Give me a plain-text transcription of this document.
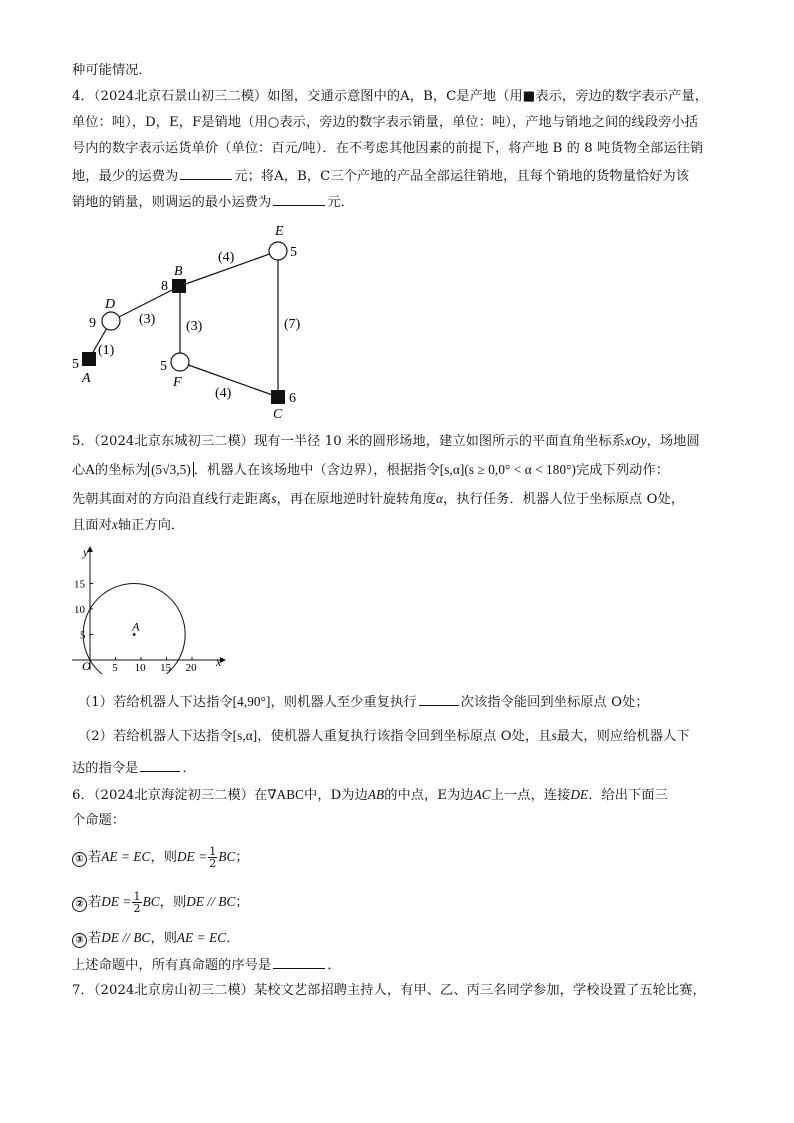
种可能情况．
4．（2024北京石景山初三二模）如图，交通示意图中的A，B，C是产地（用■表示，旁边的数字表示产量，
单位：吨），D，E，F是销地（用○表示，旁边的数字表示销量，单位：吨），产地与销地之间的线段旁小括
号内的数字表示运货单价（单位：百元/吨）．在不考虑其他因素的前提下，将产地 B 的 8 吨货物全部运往销
地，最少的运费为	元；将A，B，C三个产地的产品全部运往销地，且每个销地的货物量恰好为该
销地的销量，则调运的最小运费为	元．
E
5
B
8
D
9
5
A
5
F
6
C
(4)
(3) (3)	(7)
(1)
(4)
5．（2024北京东城初三二模）现有一半径 10 米的圆形场地，建立如图所示的平面直角坐标系xOy，场地圆
心A的坐标为 (5√3,5) ．机器人在该场地中（含边界），根据指令[s,α](s ≥ 0,0° < α < 180°)完成下列动作：
先朝其面对的方向沿直线行走距离s，再在原地逆时针旋转角度α，执行任务．机器人位于坐标原点 O处，
且面对x轴正方向．
x
y
O 5 10 15 20
5
10
15
A
（1）若给机器人下达指令[4,90°]，则机器人至少重复执行	次该指令能回到坐标原点 O处；
（2）若给机器人下达指令[s,α]，使机器人重复执行该指令回到坐标原点 O处，且s最大，则应给机器人下
达的指令是	．
6．（2024北京海淀初三二模）在∇ABC中，D为边AB的中点，E为边AC上一点，连接DE．给出下面三
个命题：
① 若AE = EC，则DE = $\frac{1}{2}$ BC；
② 若DE = $\frac{1}{2}$ BC，则DE // BC；
③ 若DE // BC，则AE = EC．
上述命题中，所有真命题的序号是	．
7．（2024北京房山初三二模）某校文艺部招聘主持人，有甲、乙、丙三名同学参加，学校设置了五轮比赛，
